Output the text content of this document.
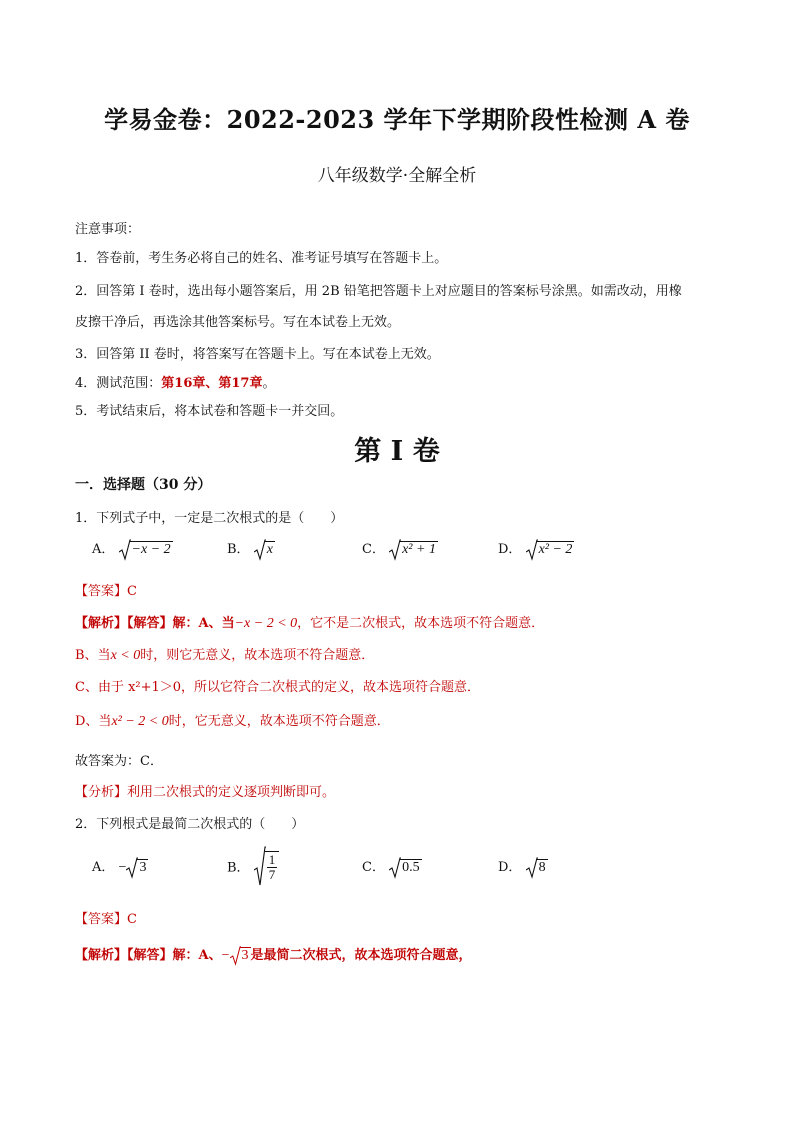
学易金卷：2022-2023 学年下学期阶段性检测 A 卷
八年级数学·全解全析
注意事项：
1．答卷前，考生务必将自己的姓名、准考证号填写在答题卡上。
2．回答第 I 卷时，选出每小题答案后，用 2B 铅笔把答题卡上对应题目的答案标号涂黑。如需改动，用橡
皮擦干净后，再选涂其他答案标号。写在本试卷上无效。
3．回答第 II 卷时，将答案写在答题卡上。写在本试卷上无效。
4．测试范围：第16章、第17章。
5．考试结束后，将本试卷和答题卡一并交回。
第 I 卷
一．选择题（30 分）
1．下列式子中，一定是二次根式的是（　　）
A． −x − 2	B． x	C． x² + 1	D． x² − 2
【答案】C
【解析】【解答】解：A、当−x − 2 < 0，它不是二次根式，故本选项不符合题意．
B、当x < 0时，则它无意义，故本选项不符合题意．
C、由于 x²+1＞0，所以它符合二次根式的定义，故本选项符合题意．
D、当x² − 2 < 0时，它无意义，故本选项不符合题意．
故答案为：C．
【分析】利用二次根式的定义逐项判断即可。
2．下列根式是最简二次根式的（　　）
A． − 3	B． $\frac{1}{7}$	C． 0.5	D． 8
【答案】C
【解析】【解答】解：A、− 3 是最简二次根式，故本选项符合题意，
